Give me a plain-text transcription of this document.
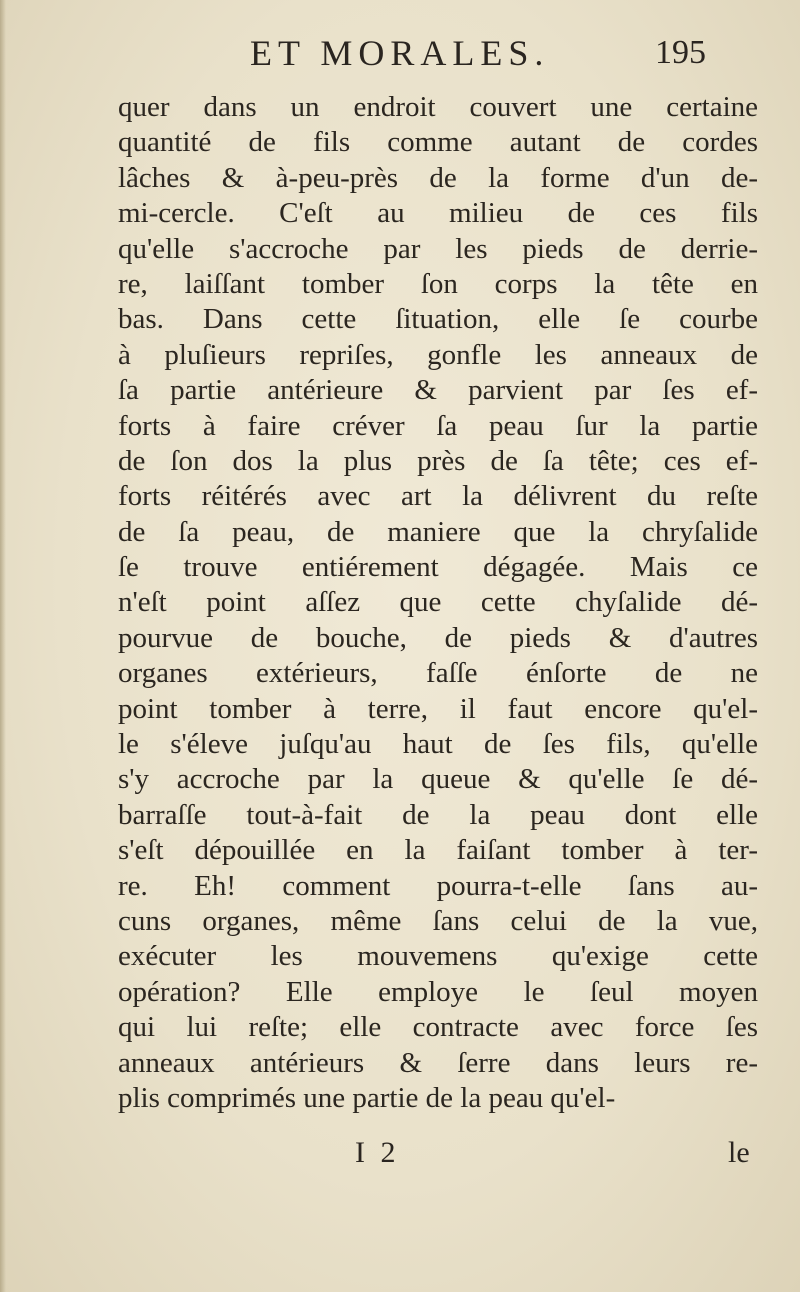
ET MORALES.	195
quer dans un endroit couvert une certaine
quantité de fils comme autant de cordes
lâches & à-peu-près de la forme d'un de-
mi-cercle. C'eſt au milieu de ces fils
qu'elle s'accroche par les pieds de derrie-
re, laiſſant tomber ſon corps la tête en
bas. Dans cette ſituation, elle ſe courbe
à pluſieurs repriſes, gonfle les anneaux de
ſa partie antérieure & parvient par ſes ef-
forts à faire créver ſa peau ſur la partie
de ſon dos la plus près de ſa tête; ces ef-
forts réitérés avec art la délivrent du reſte
de ſa peau, de maniere que la chryſalide
ſe trouve entiérement dégagée. Mais ce
n'eſt point aſſez que cette chyſalide dé-
pourvue de bouche, de pieds & d'autres
organes extérieurs, faſſe énſorte de ne
point tomber à terre, il faut encore qu'el-
le s'éleve juſqu'au haut de ſes fils, qu'elle
s'y accroche par la queue & qu'elle ſe dé-
barraſſe tout-à-fait de la peau dont elle
s'eſt dépouillée en la faiſant tomber à ter-
re. Eh! comment pourra-t-elle ſans au-
cuns organes, même ſans celui de la vue,
exécuter les mouvemens qu'exige cette
opération? Elle employe le ſeul moyen
qui lui reſte; elle contracte avec force ſes
anneaux antérieurs & ſerre dans leurs re-
plis comprimés une partie de la peau qu'el-
I 2	le
